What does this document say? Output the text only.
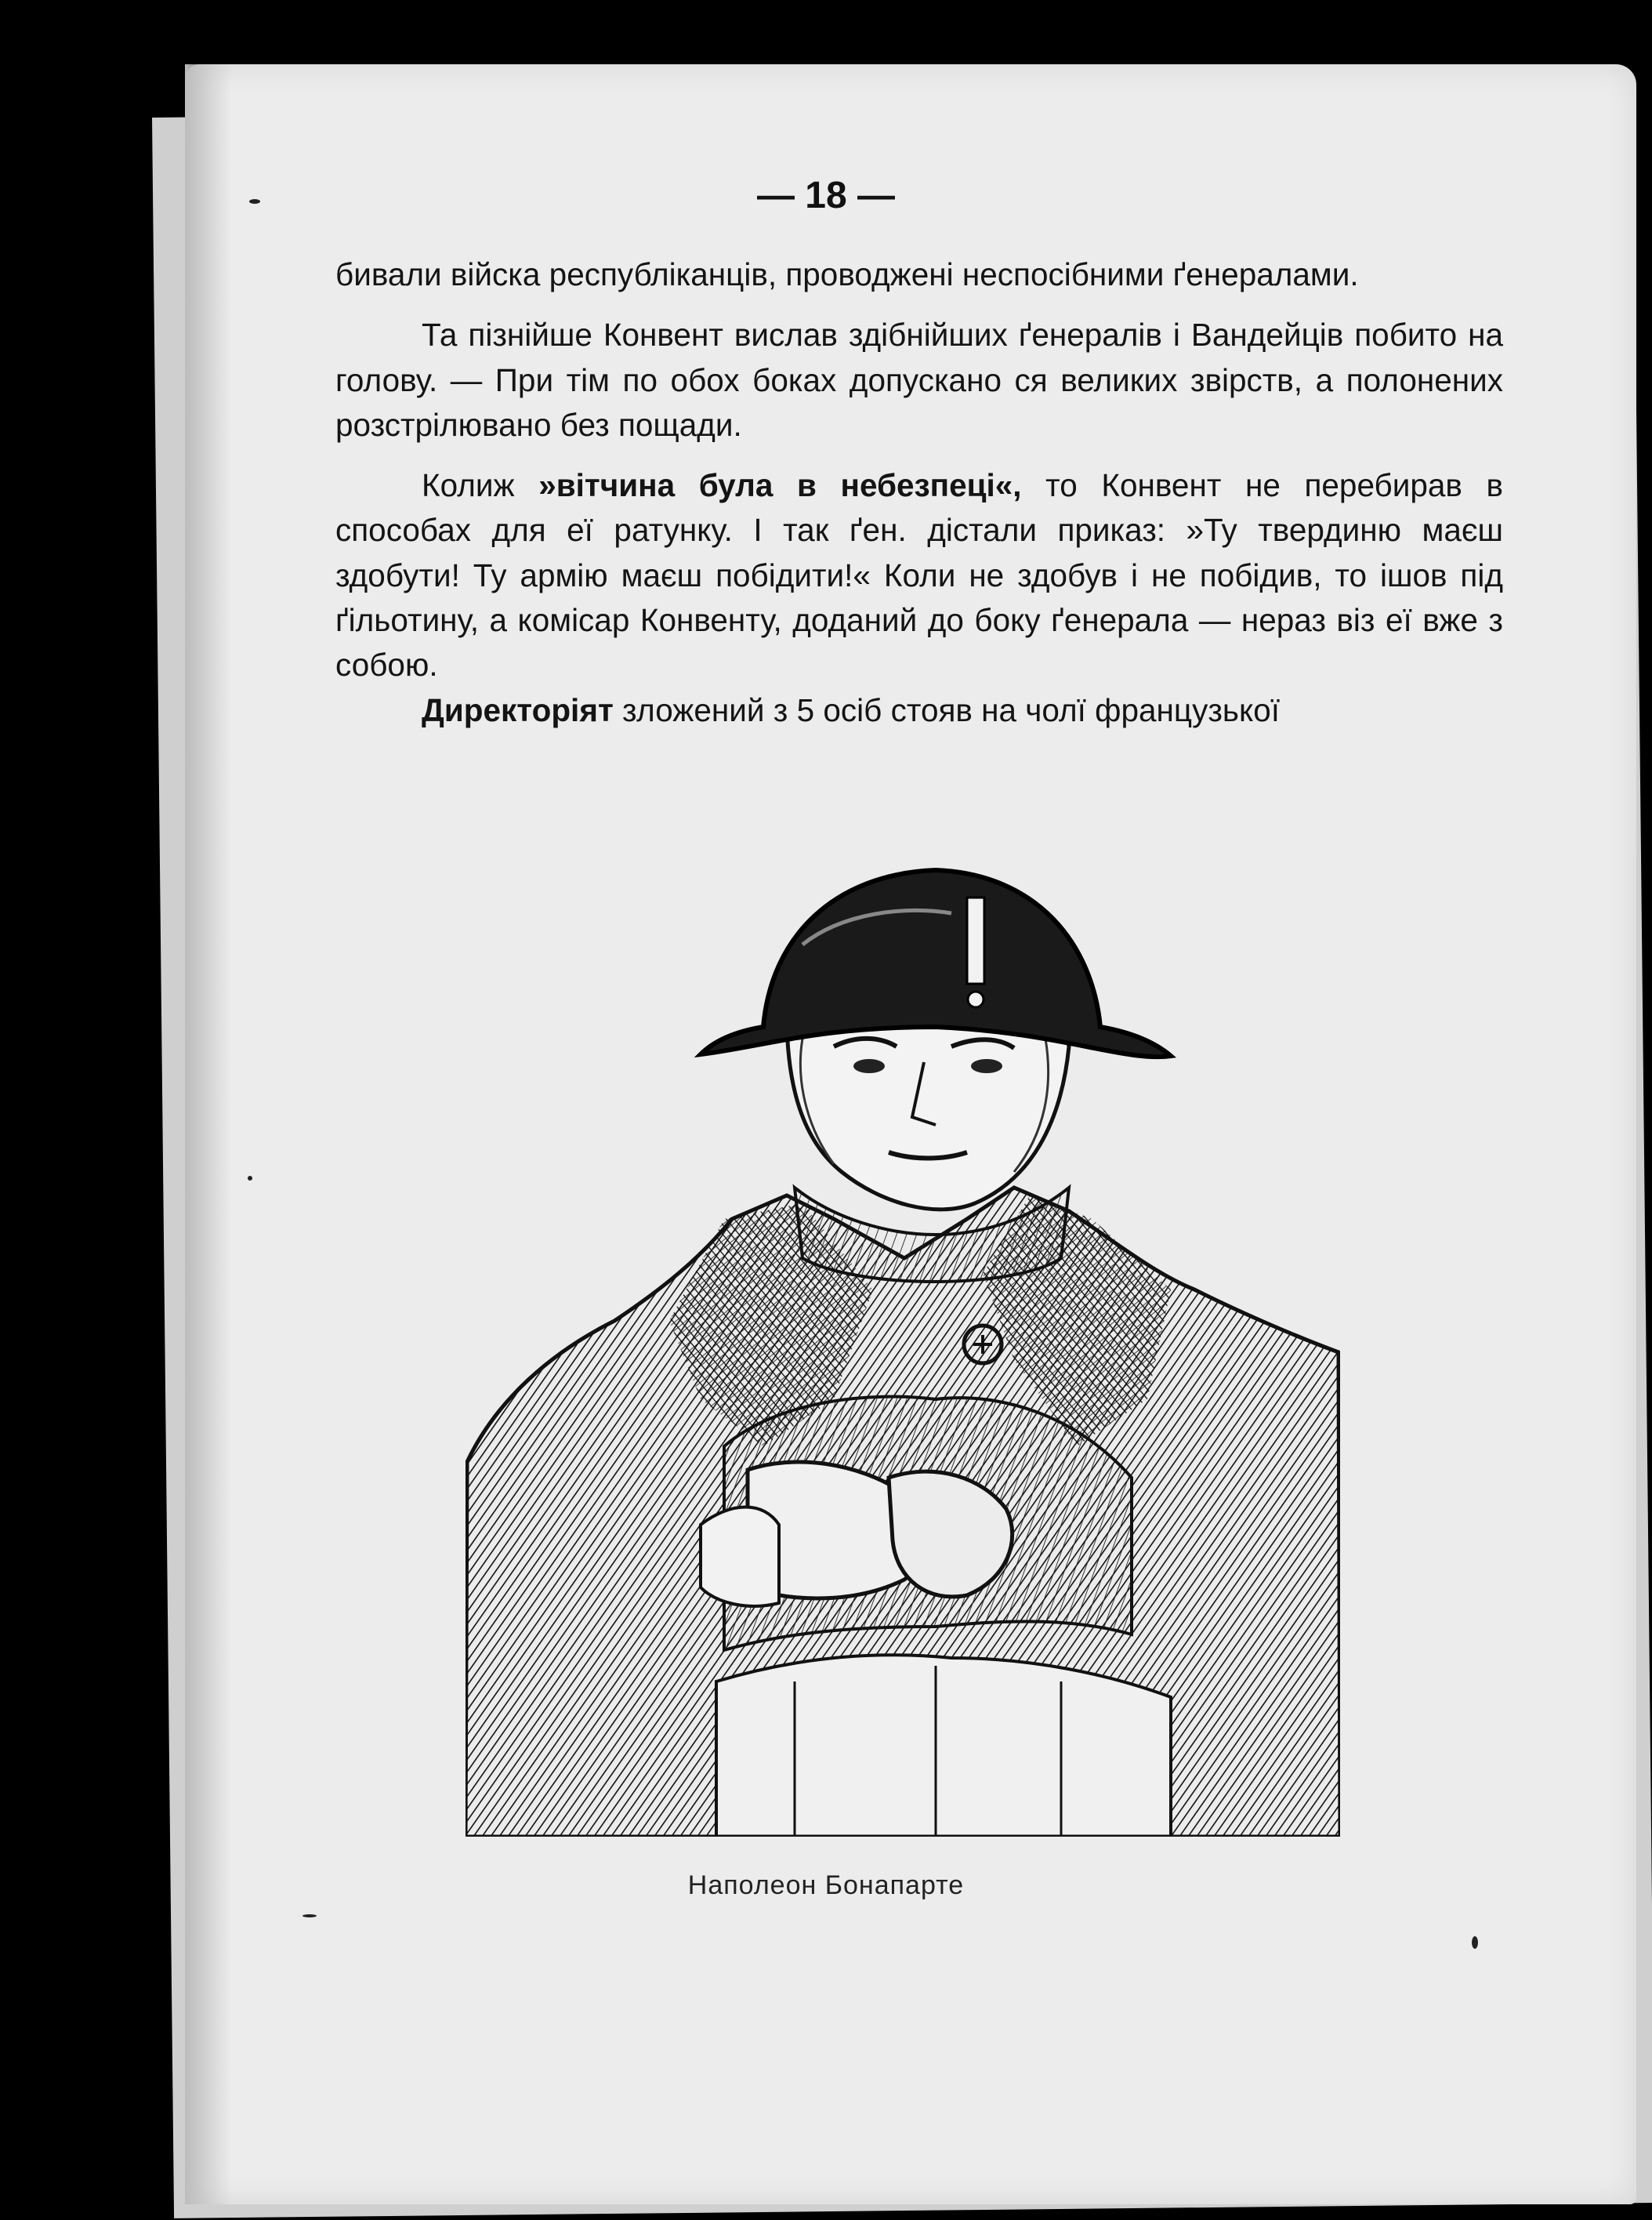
— 18 —

бивали війска республіканців, проводжені неспосібними ґенералами.

Та пізнійше Конвент вислав здібнійших ґенералів і Вандейців побито на голову. — При тім по обох боках допускано ся великих звірств, а полонених розстрілювано без пощади.

Колиж »вітчина була в небезпеці«, то Конвент не перебирав в способах для еї ратунку. І так ґен. дістали приказ: »Ту твердиню маєш здобути! Ту армію маєш побідити!« Коли не здобув і не побідив, то ішов під ґільотину, а комісар Конвенту, доданий до боку ґенерала — нераз віз еї вже з собою.

Директоріят зложений з 5 осіб стояв на чолї французької

Наполеон Бонапарте
